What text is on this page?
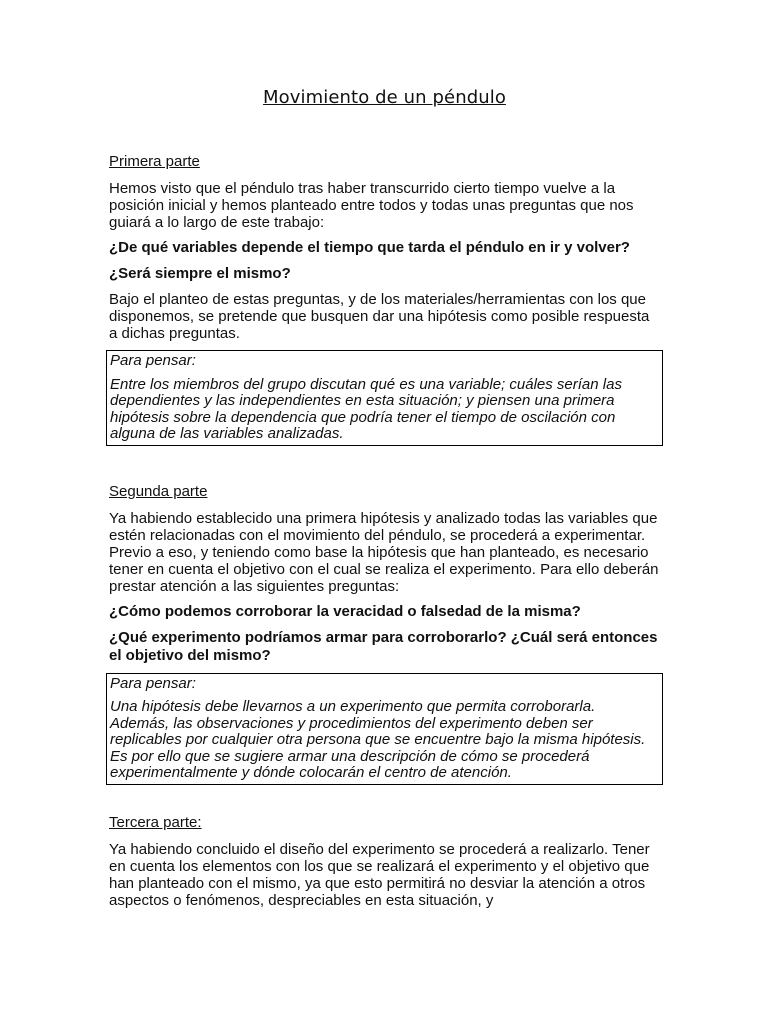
Movimiento de un péndulo
Primera parte

Hemos visto que el péndulo tras haber transcurrido cierto tiempo vuelve a la posición inicial y hemos planteado entre todos y todas unas preguntas que nos guiará a lo largo de este trabajo:

¿De qué variables depende el tiempo que tarda el péndulo en ir y volver?

¿Será siempre el mismo?

Bajo el planteo de estas preguntas, y de los materiales/herramientas con los que disponemos, se pretende que busquen dar una hipótesis como posible respuesta a dichas preguntas.

Para pensar:

Entre los miembros del grupo discutan qué es una variable; cuáles serían las dependientes y las independientes en esta situación; y piensen una primera hipótesis sobre la dependencia que podría tener el tiempo de oscilación con alguna de las variables analizadas.

Segunda parte

Ya habiendo establecido una primera hipótesis y analizado todas las variables que estén relacionadas con el movimiento del péndulo, se procederá a experimentar. Previo a eso, y teniendo como base la hipótesis que han planteado, es necesario tener en cuenta el objetivo con el cual se realiza el experimento. Para ello deberán prestar atención a las siguientes preguntas:

¿Cómo podemos corroborar la veracidad o falsedad de la misma?

¿Qué experimento podríamos armar para corroborarlo? ¿Cuál será entonces el objetivo del mismo?

Para pensar:

Una hipótesis debe llevarnos a un experimento que permita corroborarla. Además, las observaciones y procedimientos del experimento deben ser replicables por cualquier otra persona que se encuentre bajo la misma hipótesis. Es por ello que se sugiere armar una descripción de cómo se procederá experimentalmente y dónde colocarán el centro de atención.

Tercera parte:

Ya habiendo concluido el diseño del experimento se procederá a realizarlo. Tener en cuenta los elementos con los que se realizará el experimento y el objetivo que han planteado con el mismo, ya que esto permitirá no desviar la atención a otros aspectos o fenómenos, despreciables en esta situación, y
